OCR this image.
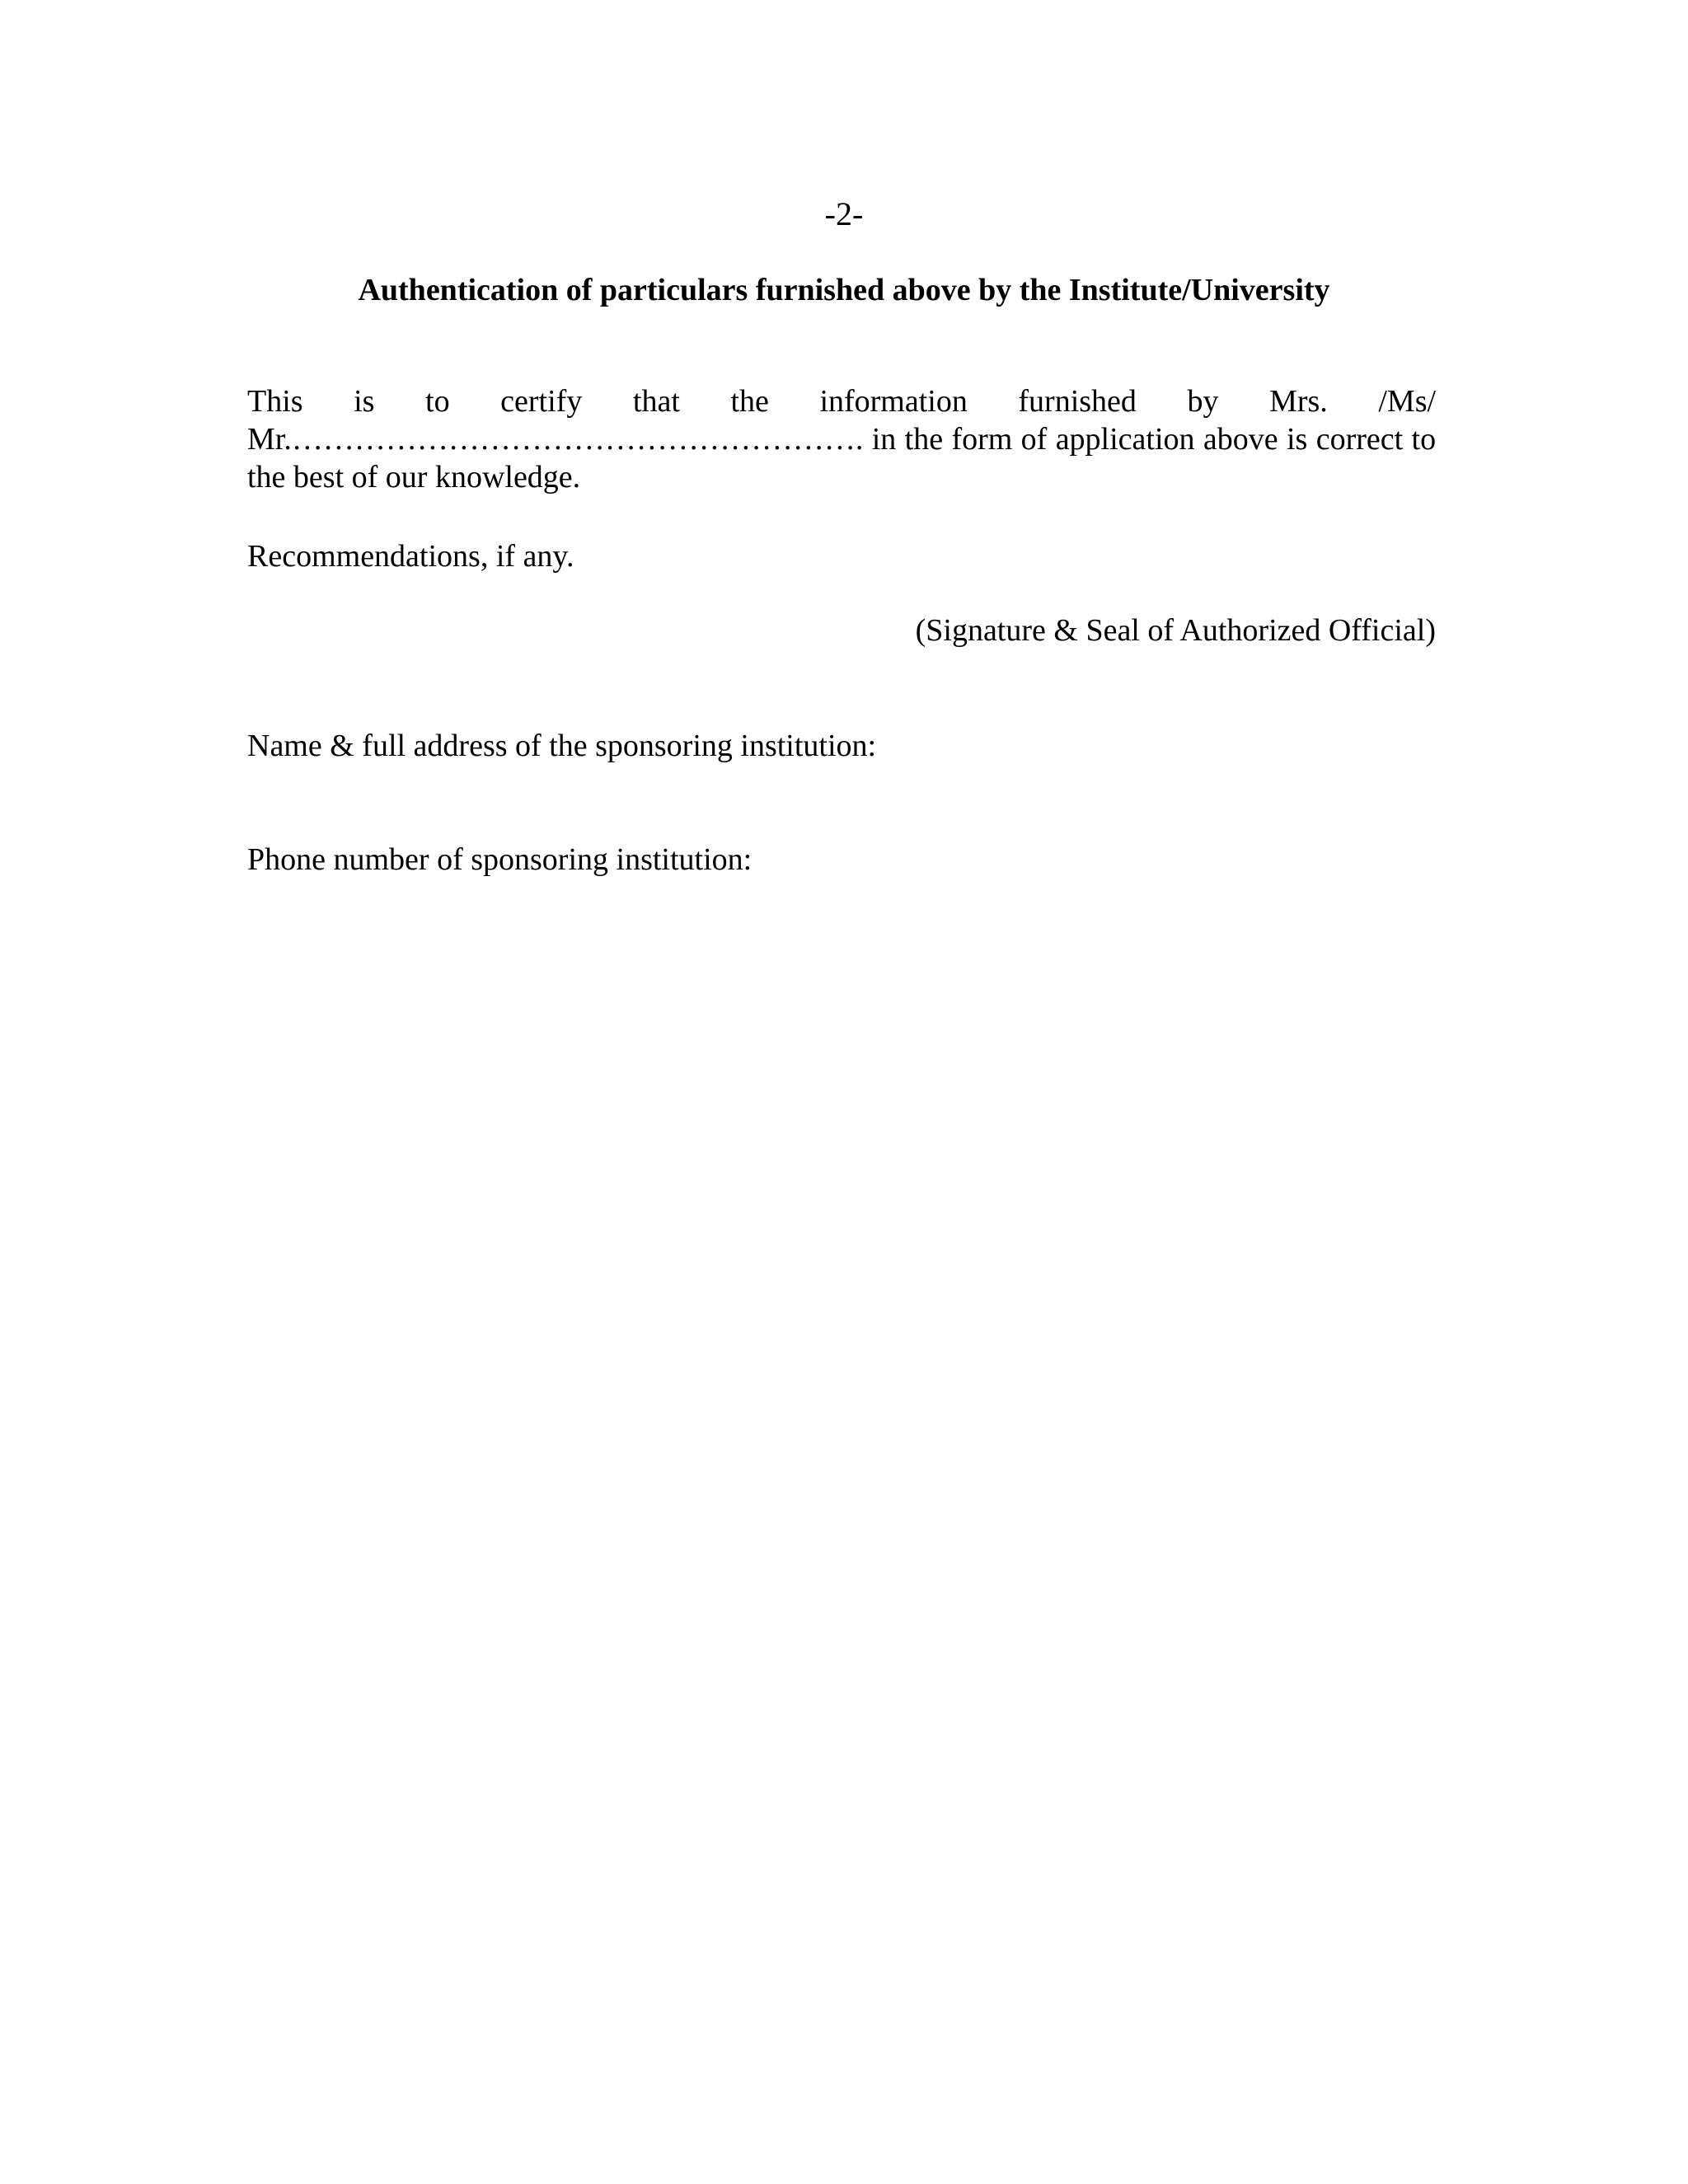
-2-
Authentication of particulars furnished above by the Institute/University
This is to certify that the information furnished by Mrs. /Ms/
Mr.………………………………………………. in the form of application above is correct to
the best of our knowledge.
Recommendations, if any.
(Signature & Seal of Authorized Official)
Name & full address of the sponsoring institution:
Phone number of sponsoring institution:
